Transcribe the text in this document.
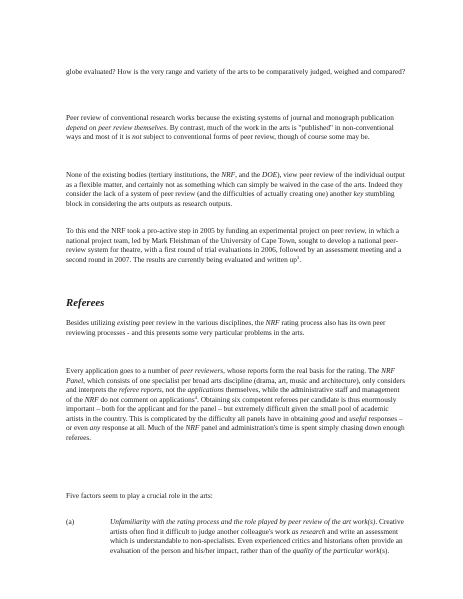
globe evaluated? How is the very range and variety of the arts to be comparatively judged, weighed and compared?

Peer review of conventional research works because the existing systems of journal and monograph publication depend on peer review themselves. By contrast, much of the work in the arts is "published" in non-conventional ways and most of it is not subject to conventional forms of peer review, though of course some may be.

None of the existing bodies (tertiary institutions, the NRF, and the DOE), view peer review of the individual output as a flexible matter, and certainly not as something which can simply be waived in the case of the arts. Indeed they consider the lack of a system of peer review (and the difficulties of actually creating one) another key stumbling block in considering the arts outputs as research outputs.

To this end the NRF took a pro-active step in 2005 by funding an experimental project on peer review, in which a national project team, led by Mark Fleishman of the University of Cape Town, sought to develop a national peer-review system for theatre, with a first round of trial evaluations in 2006, followed by an assessment meeting and a second round in 2007. The results are currently being evaluated and written $up^3$.

Referees

Besides utilizing existing peer review in the various disciplines, the NRF rating process also has its own peer reviewing processes - and this presents some very particular problems in the arts.

Every application goes to a number of peer reviewers, whose reports form the real basis for the rating. The NRF Panel, which consists of one specialist per broad arts discipline (drama, art, music and architecture), only considers and interprets the referee reports, not the applications themselves, while the administrative staff and management of the NRF do not comment on applications$^4$. Obtaining six competent referees per candidate is thus enormously important – both for the applicant and for the panel – but extremely difficult given the small pool of academic artists in the country. This is complicated by the difficulty all panels have in obtaining good and useful responses – or even any response at all. Much of the NRF panel and administration's time is spent simply chasing down enough referees.

Five factors seem to play a crucial role in the arts:

(a)	Unfamiliarity with the rating process and the role played by peer review of the art work(s). Creative artists often find it difficult to judge another colleague's work as research and write an assessment which is understandable to non-specialists. Even experienced critics and historians often provide an evaluation of the person and his/her impact, rather than of the quality of the particular work(s).
